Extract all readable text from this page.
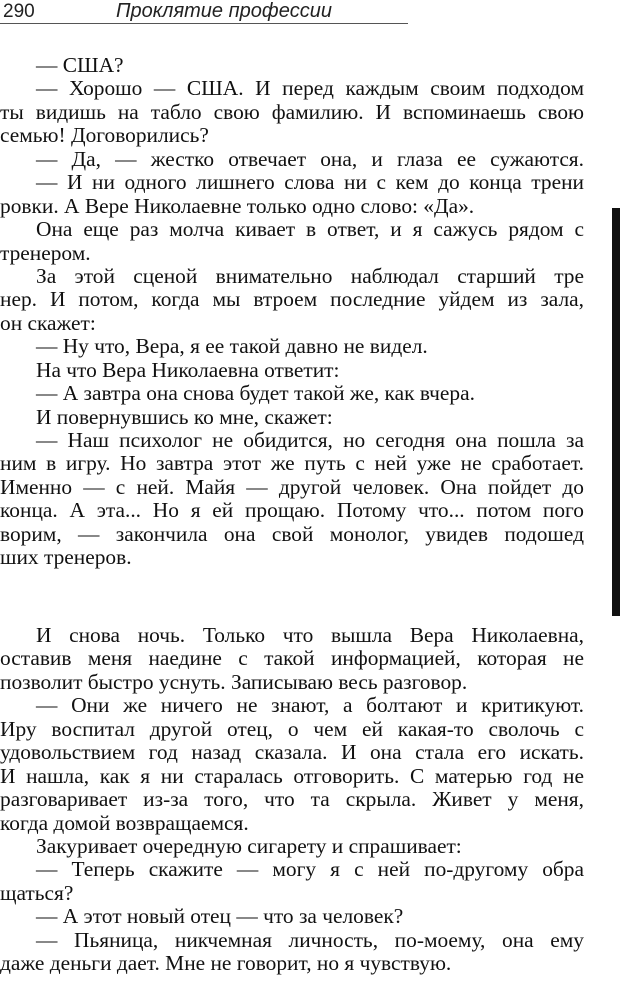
290	Проклятие профессии
— США?
— Хорошо — США. И перед каждым своим подходом
ты видишь на табло свою фамилию. И вспоминаешь свою
семью! Договорились?
— Да, — жестко отвечает она, и глаза ее сужаются.
— И ни одного лишнего слова ни с кем до конца трени
ровки. А Вере Николаевне только одно слово: «Да».
Она еще раз молча кивает в ответ, и я сажусь рядом с
тренером.
За этой сценой внимательно наблюдал старший тре
нер. И потом, когда мы втроем последние уйдем из зала,
он скажет:
— Ну что, Вера, я ее такой давно не видел.
На что Вера Николаевна ответит:
— А завтра она снова будет такой же, как вчера.
И повернувшись ко мне, скажет:
— Наш психолог не обидится, но сегодня она пошла за
ним в игру. Но завтра этот же путь с ней уже не сработает.
Именно — с ней. Майя — другой человек. Она пойдет до
конца. А эта... Но я ей прощаю. Потому что... потом пого
ворим, — закончила она свой монолог, увидев подошед
ших тренеров.
И снова ночь. Только что вышла Вера Николаевна,
оставив меня наедине с такой информацией, которая не
позволит быстро уснуть. Записываю весь разговор.
— Они же ничего не знают, а болтают и критикуют.
Иру воспитал другой отец, о чем ей какая-то сволочь с
удовольствием год назад сказала. И она стала его искать.
И нашла, как я ни старалась отговорить. С матерью год не
разговаривает из-за того, что та скрыла. Живет у меня,
когда домой возвращаемся.
Закуривает очередную сигарету и спрашивает:
— Теперь скажите — могу я с ней по-другому обра
щаться?
— А этот новый отец — что за человек?
— Пьяница, никчемная личность, по-моему, она ему
даже деньги дает. Мне не говорит, но я чувствую.
